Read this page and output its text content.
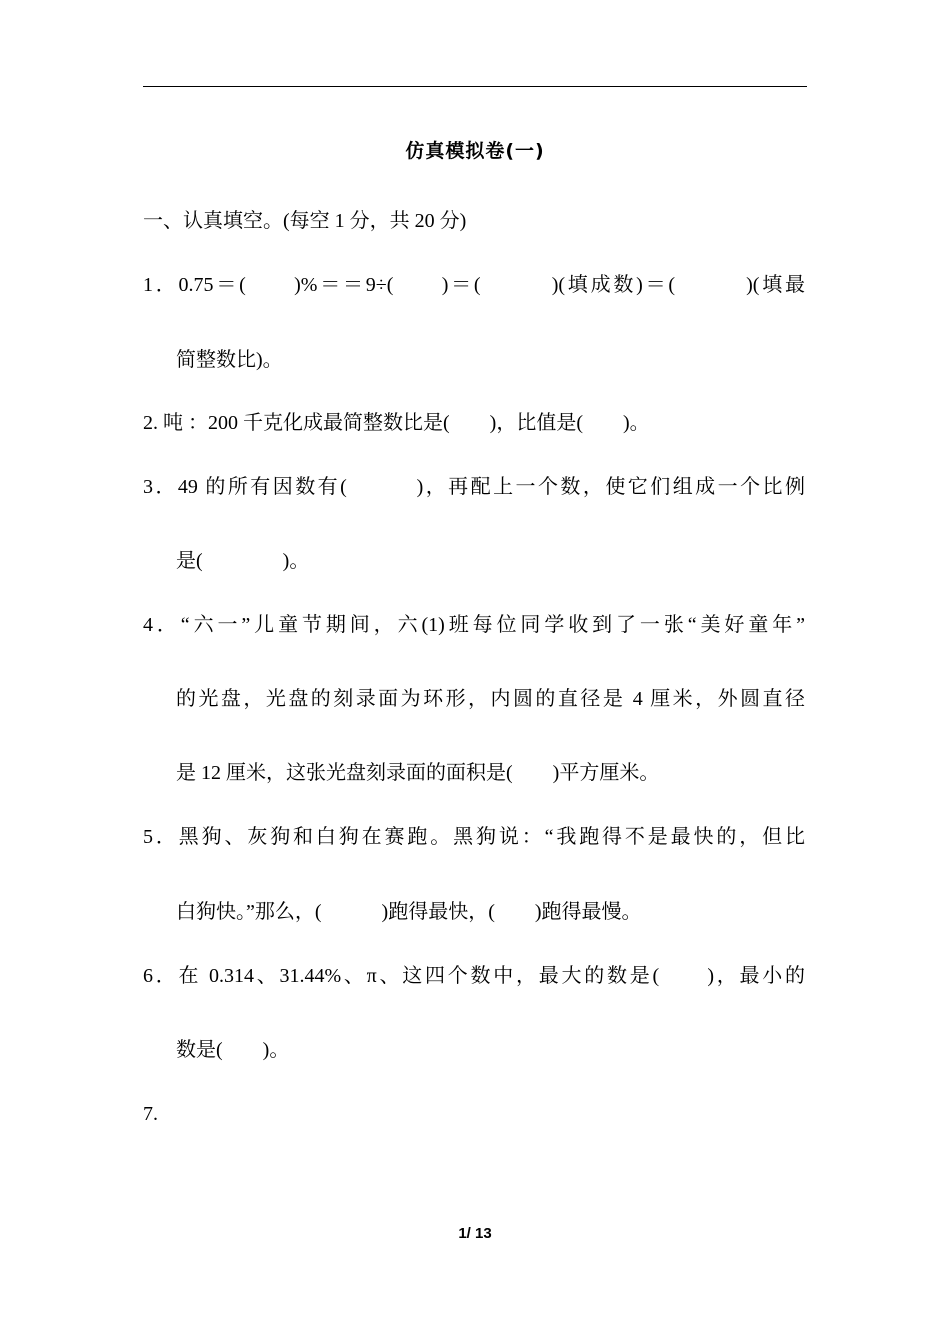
仿真模拟卷(一)
一、认真填空。(每空 1 分，共 20 分)
1．0.75＝(　　)%＝＝9÷(　　)＝(　　　)(填成数)＝(　　　)(填最
简整数比)。
2. 吨 ：200 千克化成最简整数比是(　　)，比值是(　　)。
3．49 的所有因数有(　　　)，再配上一个数，使它们组成一个比例
是(　　　　)。
4．“六一”儿童节期间，六(1)班每位同学收到了一张“美好童年”
的光盘，光盘的刻录面为环形，内圆的直径是 4 厘米，外圆直径
是 12 厘米，这张光盘刻录面的面积是(　　)平方厘米。
5．黑狗、灰狗和白狗在赛跑。黑狗说：“我跑得不是最快的，但比
白狗快。”那么，(　　　)跑得最快，(　　)跑得最慢。
6．在 0.314、31.44%、π、这四个数中，最大的数是(　　)，最小的
数是(　　)。
7.
1/ 13
